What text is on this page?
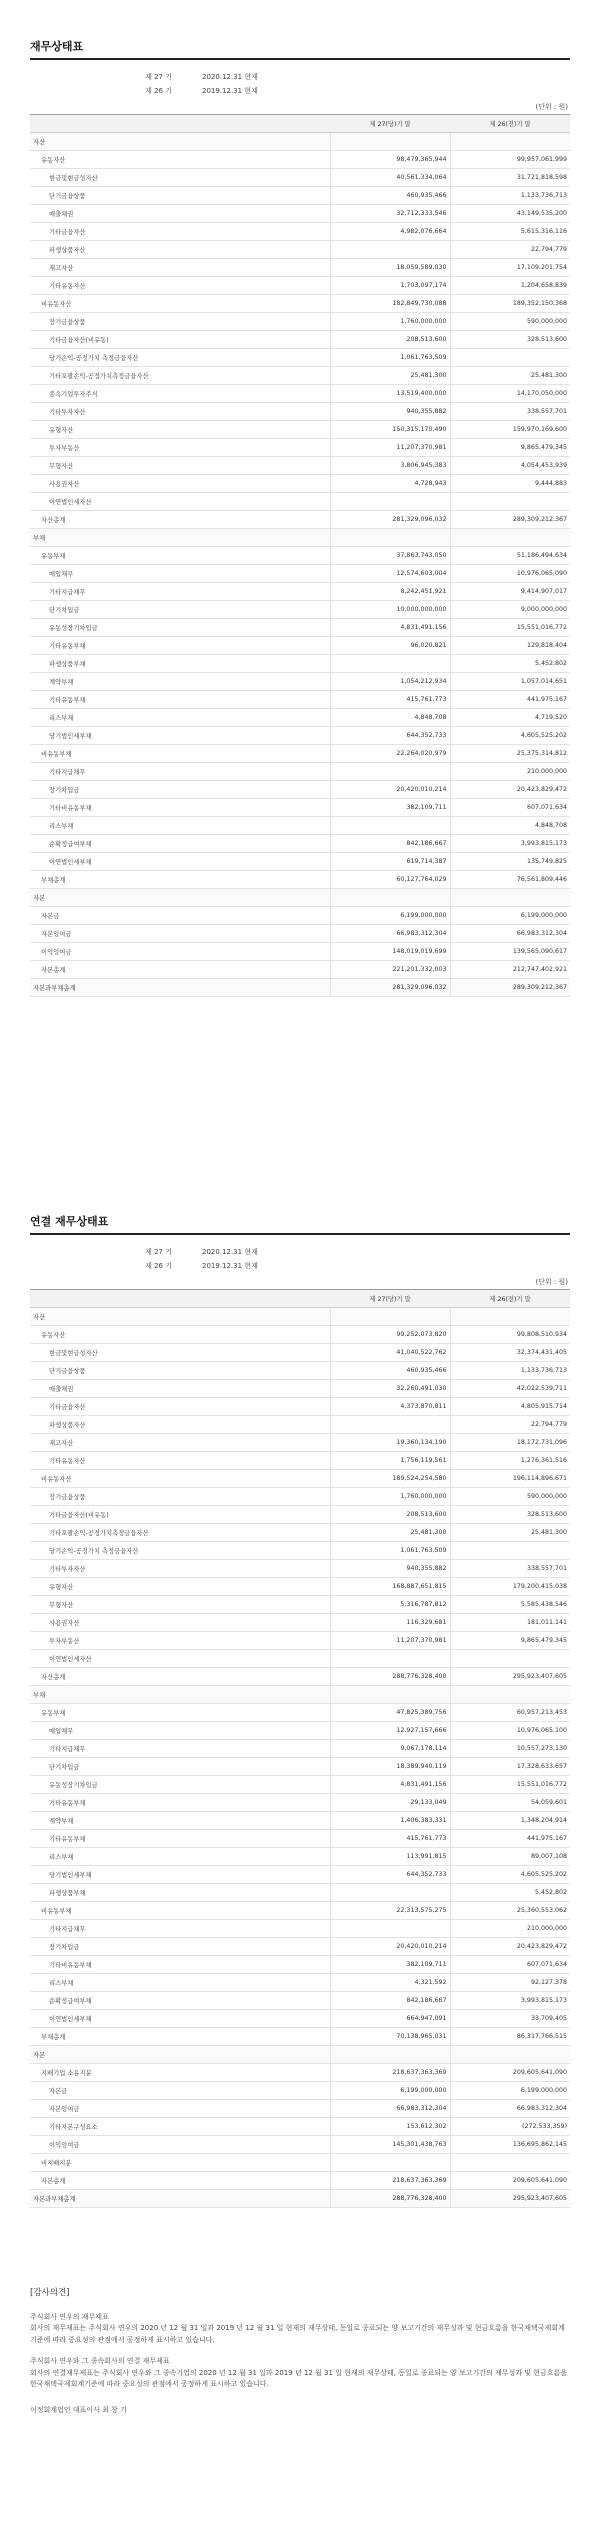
재무상태표
제 27 기	2020.12.31 현재
제 26 기	2019.12.31 현재
(단위 : 원)
	제 27(당)기 말	제 26(전)기 말
자산		
유동자산	98,479,365,944	99,957,061,999
현금및현금성자산	40,561,334,064	31,721,818,598
단기금융상품	460,935,466	1,133,736,713
매출채권	32,712,333,546	43,149,535,200
기타금융자산	4,982,076,664	5,615,316,116
파생상품자산		22,794,779
재고자산	18,059,589,030	17,109,201,754
기타유동자산	1,703,097,174	1,204,658,839
비유동자산	182,849,730,088	189,352,150,368
장기금융상품	1,760,000,000	590,000,000
기타금융자산(비유동)	208,513,600	328,513,600
당기손익-공정가치 측정금융자산	1,061,763,509	
기타포괄손익-공정가치측정금융자산	25,481,300	25,481,300
종속기업투자주식	13,519,400,000	14,170,050,000
기타투자자산	940,355,882	338,557,701
유형자산	150,315,170,490	159,970,169,600
투자부동산	11,207,370,981	9,865,479,345
무형자산	3,806,945,383	4,054,453,939
사용권자산	4,728,943	9,444,883
이연법인세자산		
자산총계	281,329,096,032	289,309,212,367
부채		
유동부채	37,863,743,050	51,186,494,634
매입채무	12,574,603,004	10,976,065,090
기타지급채무	8,242,451,921	9,414,907,017
단기차입금	10,000,000,000	9,000,000,000
유동성장기차입금	4,831,491,156	15,551,016,772
기타유동부채	96,020,821	129,818,404
파생상품부채		5,452,802
계약부채	1,054,212,934	1,057,014,651
기타유동부채	415,761,773	441,975,167
리스부채	4,848,708	4,719,520
당기법인세부채	644,352,733	4,605,525,202
비유동부채	22,264,020,979	25,375,314,812
기타지급채무		210,000,000
장기차입금	20,420,010,214	20,423,829,472
기타비유동부채	382,109,711	607,071,634
리스부채		4,848,708
순확정급여부채	842,186,667	3,993,815,173
이연법인세부채	619,714,387	135,749,825
부채총계	60,127,764,029	76,561,809,446
자본		
자본금	6,199,000,000	6,199,000,000
자본잉여금	66,983,312,304	66,983,312,304
이익잉여금	148,019,019,699	139,565,090,617
자본총계	221,201,332,003	212,747,402,921
자본과부채총계	281,329,096,032	289,309,212,367
연결 재무상태표
제 27 기	2020.12.31 현재
제 26 기	2019.12.31 현재
(단위 : 원)
	제 27(당)기 말	제 26(전)기 말
자산		
유동자산	99,252,073,820	99,808,510,934
현금및현금성자산	41,040,522,762	32,374,431,405
단기금융상품	460,935,466	1,133,736,713
매출채권	32,260,491,030	42,022,539,711
기타금융자산	4,373,870,811	4,805,915,714
파생상품자산		22,794,779
재고자산	19,360,134,190	18,172,731,096
기타유동자산	1,756,119,561	1,276,361,516
비유동자산	189,524,254,580	196,114,896,671
장기금융상품	1,760,000,000	590,000,000
기타금융자산(비유동)	208,513,600	328,513,600
기타포괄손익-공정가치측정금융자산	25,481,300	25,481,300
당기손익-공정가치 측정금융자산	1,061,763,509	
기타투자자산	940,355,882	338,557,701
유형자산	168,887,651,815	179,200,415,038
무형자산	5,316,787,812	5,585,438,546
사용권자산	116,329,681	181,011,141
투자부동산	11,207,370,981	9,865,479,345
이연법인세자산		
자산총계	288,776,328,400	295,923,407,605
부채		
유동부채	47,825,389,756	60,957,213,453
매입채무	12,927,157,666	10,976,065,100
기타지급채무	9,067,178,114	10,557,273,130
단기차입금	18,389,940,119	17,328,633,657
유동성장기차입금	4,831,491,156	15,551,016,772
기타유동부채	29,133,049	54,059,601
계약부채	1,406,383,331	1,348,204,914
기타유동부채	415,761,773	441,975,167
리스부채	113,991,815	89,007,108
당기법인세부채	644,352,733	4,605,525,202
파생상품부채		5,452,802
비유동부채	22,313,575,275	25,360,553,062
기타지급채무		210,000,000
장기차입금	20,420,010,214	20,423,829,472
기타비유동부채	382,109,711	607,071,634
리스부채	4,321,592	92,127,378
순확정급여부채	842,186,667	3,993,815,173
이연법인세부채	664,947,091	33,709,405
부채총계	70,138,965,031	86,317,766,515
자본		
지배기업 소유지분	218,637,363,369	209,605,641,090
자본금	6,199,000,000	6,199,000,000
자본잉여금	66,983,312,304	66,983,312,304
기타자본구성요소	153,612,302	(272,533,359)
이익잉여금	145,301,438,763	136,695,862,145
비지배지분		
자본총계	218,637,363,369	209,605,641,090
자본과부채총계	288,776,328,400	295,923,407,605
[감사의견]

주식회사 연우의 재무제표
회사의 재무제표는 주식회사 연우의 2020 년 12 월 31 일과 2019 년 12 월 31 일 현재의 재무상태, 동일로 종료되는 양 보고기간의 재무성과 및 현금흐름을 한국채택국제회계기준에 따라 중요성의 관점에서 공정하게 표시하고 있습니다.

주식회사 연우와 그 종속회사의 연결 재무제표
회사의 연결재무제표는 주식회사 연우와 그 종속기업의 2020 년 12 월 31 일과 2019 년 12 월 31 일 현재의 재무상태, 동일로 종료되는 양 보고기간의 재무성과 및 현금흐름을 한국채택국제회계기준에 따라 중요성의 관점에서 공정하게 표시하고 있습니다.

이정회계법인 대표이사 최 창 기
